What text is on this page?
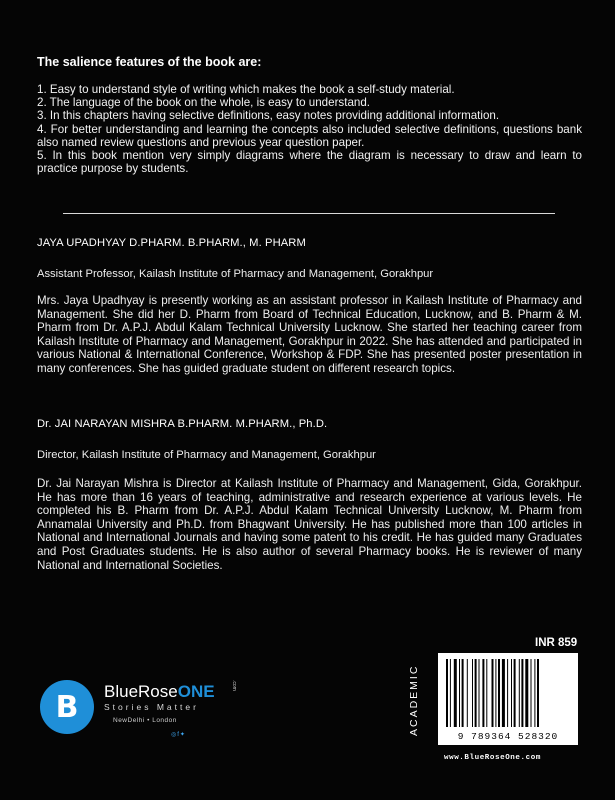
The salience features of the book are:
1. Easy to understand style of writing which makes the book a self-study material.
2. The language of the book on the whole, is easy to understand.
3. In this chapters having selective definitions, easy notes providing additional information.
4. For better understanding and learning the concepts also included selective definitions, questions bank also named review questions and previous year question paper.
5. In this book mention very simply diagrams where the diagram is necessary to draw and learn to practice purpose by students.
JAYA UPADHYAY D.PHARM. B.PHARM., M. PHARM
Assistant Professor, Kailash Institute of Pharmacy and Management, Gorakhpur

Mrs. Jaya Upadhyay is presently working as an assistant professor in Kailash Institute of Pharmacy and Management. She did her D. Pharm from Board of Technical Education, Lucknow, and B. Pharm & M. Pharm from Dr. A.P.J. Abdul Kalam Technical University Lucknow. She started her teaching career from Kailash Institute of Pharmacy and Management, Gorakhpur in 2022. She has attended and participated in various National & International Conference, Workshop & FDP. She has presented poster presentation in many conferences. She has guided graduate student on different research topics.

Dr. JAI NARAYAN MISHRA B.PHARM. M.PHARM., Ph.D.
Director, Kailash Institute of Pharmacy and Management, Gorakhpur

Dr. Jai Narayan Mishra is Director at Kailash Institute of Pharmacy and Management, Gida, Gorakhpur. He has more than 16 years of teaching, administrative and research experience at various levels. He completed his B. Pharm from Dr. A.P.J. Abdul Kalam Technical University Lucknow, M. Pharm from Annamalai University and Ph.D. from Bhagwant University. He has published more than 100 articles in National and International Journals and having some patent to his credit. He has guided many Graduates and Post Graduates students. He is also author of several Pharmacy books. He is reviewer of many National and International Societies.

B	BlueRoseONE	.com
Stories Matter
NewDelhi • London
◎f✦	ACADEMIC
INR 859
9 789364 528320
www.BlueRoseOne.com
